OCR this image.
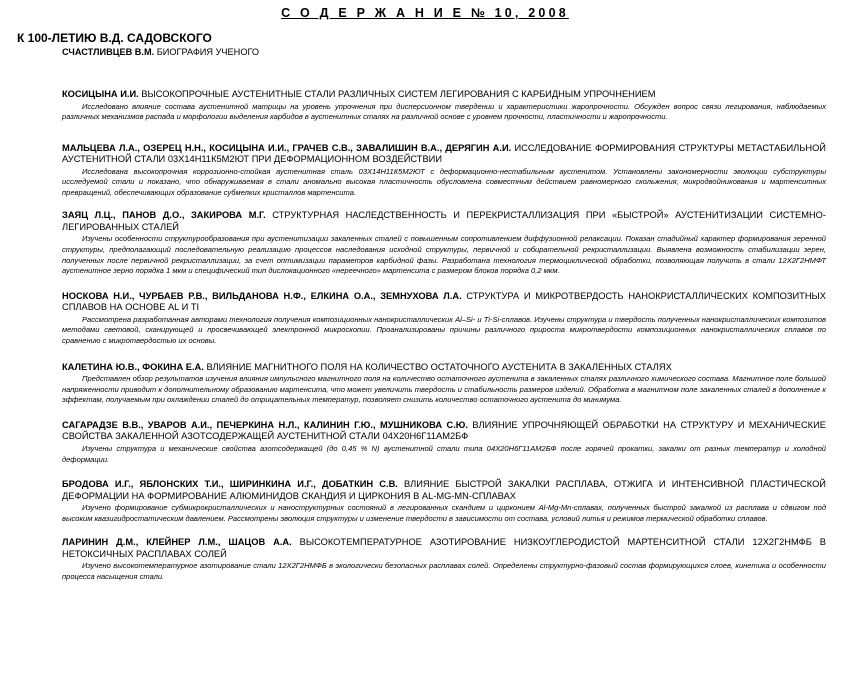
С О Д Е Р Ж А Н И Е № 10, 2008
К 100-ЛЕТИЮ В.Д. САДОВСКОГО
СЧАСТЛИВЦЕВ В.М. БИОГРАФИЯ УЧЕНОГО

КОСИЦЫНА И.И. ВЫСОКОПРОЧНЫЕ АУСТЕНИТНЫЕ СТАЛИ РАЗЛИЧНЫХ СИСТЕМ ЛЕГИРОВАНИЯ С КАРБИДНЫМ УПРОЧНЕНИЕМ

Исследовано влияние состава аустенитной матрицы на уровень упрочнения при дисперсионном твердении и характеристики жаропрочности. Обсужден вопрос связи легирования, наблюдаемых различных механизмов распада и морфологии выделения карбидов в аустенитных сталях на различной основе с уровнем прочности, пластичности и жаропрочности.

МАЛЬЦЕВА Л.А., ОЗЕРЕЦ Н.Н., КОСИЦЫНА И.И., ГРАЧЕВ С.В., ЗАВАЛИШИН В.А., ДЕРЯГИН А.И. ИССЛЕДОВАНИЕ ФОРМИРОВАНИЯ СТРУКТУРЫ МЕТАСТАБИЛЬНОЙ АУСТЕНИТНОЙ СТАЛИ 03Х14Н11К5М2ЮТ ПРИ ДЕФОРМАЦИОННОМ ВОЗДЕЙСТВИИ

Исследована высокопрочная коррозионно-стойкая аустенитная сталь 03Х14Н11К5М2ЮТ с деформационно-нестабильным аустенитом. Установлены закономерности эволюции субструктуры исследуемой стали и показано, что обнаруживаемая в стали аномально высокая пластичность обусловлена совместным действием равномерного скольжения, микродвойникования и мартенситных превращений, обеспечивающих образование субмелких кристаллов мартенсита.

ЗАЯЦ Л.Ц., ПАНОВ Д.О., ЗАКИРОВА М.Г. СТРУКТУРНАЯ НАСЛЕДСТВЕННОСТЬ И ПЕРЕКРИСТАЛЛИЗАЦИЯ ПРИ «БЫСТРОЙ» АУСТЕНИТИЗАЦИИ СИСТЕМНО-ЛЕГИРОВАННЫХ СТАЛЕЙ

Изучены особенности структурообразования при аустенитизации закаленных сталей с повышенным сопротивлением диффузионной релаксации. Показан стадийный характер формирования зеренной структуры, предполагающий последовательную реализацию процессов наследования исходной структуры, первичной и собирательной рекристаллизации. Выявлена возможность стабилизации зерен, полученных после первичной рекристаллизации, за счет оптимизации параметров карбидной фазы. Разработана технология термоциклической обработки, позволяющая получить в стали 12Х2Г2НМФТ аустенитное зерно порядка 1 мкм и специфический тип дислокационного «нереечного» мартенсита с размером блоков порядка 0,2 мкм.

НОСКОВА Н.И., ЧУРБАЕВ Р.В., ВИЛЬДАНОВА Н.Ф., ЕЛКИНА О.А., ЗЕМНУХОВА Л.А. СТРУКТУРА И МИКРОТВЕРДОСТЬ НАНОКРИСТАЛЛИЧЕСКИХ КОМПОЗИТНЫХ СПЛАВОВ НА ОСНОВЕ AL И TI

Рассмотрена разработанная авторами технология получения композиционных нанокристаллических Al–Si- и Ti-Si-сплавов. Изучены структура и твердость полученных нанокристаллических композитов методами световой, сканирующей и просвечивающей электронной микроскопии. Проанализированы причины различного прироста микротвердости композиционных нанокристаллических сплавов по сравнению с микротвердостью их основы.

КАЛЕТИНА Ю.В., ФОКИНА Е.А. ВЛИЯНИЕ МАГНИТНОГО ПОЛЯ НА КОЛИЧЕСТВО ОСТАТОЧНОГО АУСТЕНИТА В ЗАКАЛЕННЫХ СТАЛЯХ

Представлен обзор результатов изучения влияния импульсного магнитного поля на количество остаточного аустенита в закаленных сталях различного химического состава. Магнитное поле большой напряженности приводит к дополнительному образованию мартенсита, что может увеличить твердость и стабильность размеров изделий. Обработка в магнитном поле закаленных сталей в дополнение к эффектам, получаемым при охлаждении сталей до отрицательных температур, позволяет снизить количество остаточного аустенита до минимума.

САГАРАДЗЕ В.В., УВАРОВ А.И., ПЕЧЕРКИНА Н.Л., КАЛИНИН Г.Ю., МУШНИКОВА С.Ю. ВЛИЯНИЕ УПРОЧНЯЮЩЕЙ ОБРАБОТКИ НА СТРУКТУРУ И МЕХАНИЧЕСКИЕ СВОЙСТВА ЗАКАЛЕННОЙ АЗОТСОДЕРЖАЩЕЙ АУСТЕНИТНОЙ СТАЛИ 04Х20Н6Г11АМ2БФ

Изучены структура и механические свойства азотсодержащей (до 0,45 % N) аустенитной стали типа 04Х20Н6Г11АМ2БФ после горячей прокатки, закалки от разных температур и холодной деформации.

БРОДОВА И.Г., ЯБЛОНСКИХ Т.И., ШИРИНКИНА И.Г., ДОБАТКИН С.В. ВЛИЯНИЕ БЫСТРОЙ ЗАКАЛКИ РАСПЛАВА, ОТЖИГА И ИНТЕНСИВНОЙ ПЛАСТИЧЕСКОЙ ДЕФОРМАЦИИ НА ФОРМИРОВАНИЕ АЛЮМИНИДОВ СКАНДИЯ И ЦИРКОНИЯ В AL-MG-MN-СПЛАВАХ

Изучено формирование субмикрокристаллических и наноструктурных состояний в легированных скандием и цирконием Al-Mg-Mn-сплавах, полученных быстрой закалкой из расплава и сдвигом под высоким квазигидростатическим давлением. Рассмотрены эволюция структуры и изменение твердости в зависимости от состава, условий литья и режимов термической обработки сплавов.

ЛАРИНИН Д.М., КЛЕЙНЕР Л.М., ШАЦОВ А.А. ВЫСОКОТЕМПЕРАТУРНОЕ АЗОТИРОВАНИЕ НИЗКОУГЛЕРОДИСТОЙ МАРТЕНСИТНОЙ СТАЛИ 12Х2Г2НМФБ В НЕТОКСИЧНЫХ РАСПЛАВАХ СОЛЕЙ

Изучено высокотемпературное азотирование стали 12Х2Г2НМФБ в экологически безопасных расплавах солей. Определены структурно-фазовый состав формирующихся слоев, кинетика и особенности процесса насыщения стали.
